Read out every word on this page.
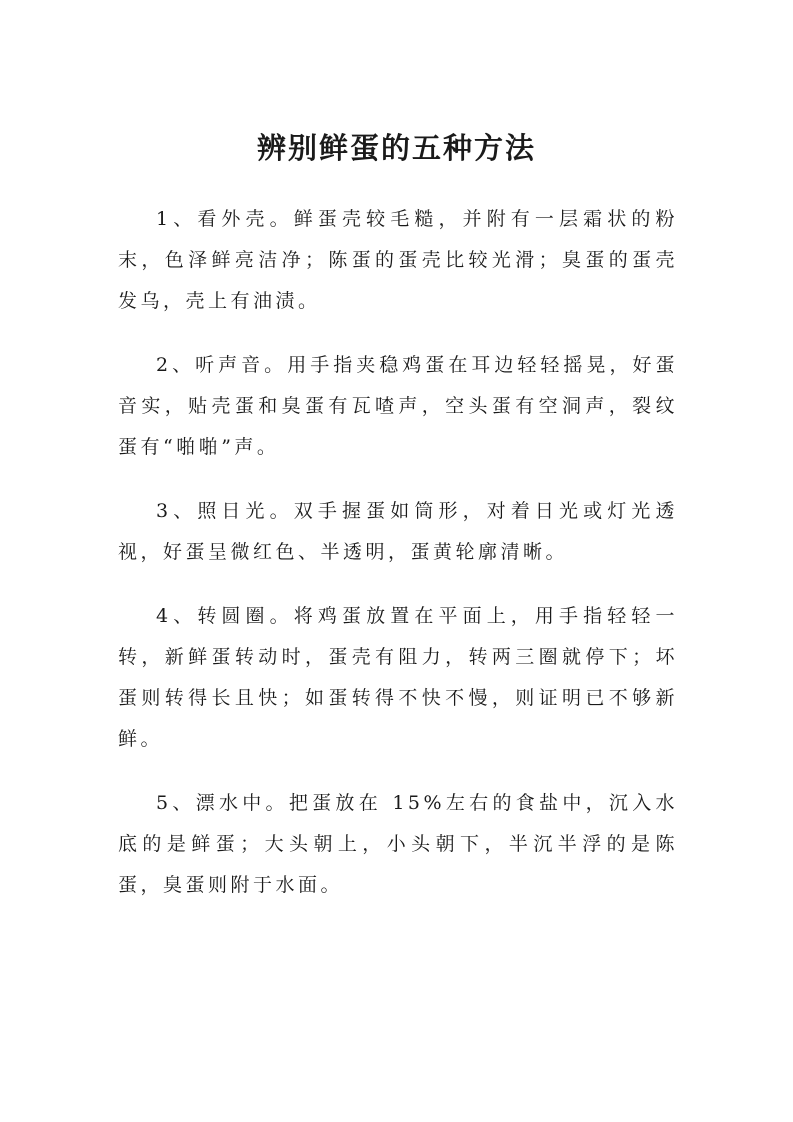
辨别鲜蛋的五种方法

1、看外壳。鲜蛋壳较毛糙，并附有一层霜状的粉末，色泽鲜亮洁净；陈蛋的蛋壳比较光滑；臭蛋的蛋壳发乌，壳上有油渍。

2、听声音。用手指夹稳鸡蛋在耳边轻轻摇晃，好蛋音实，贴壳蛋和臭蛋有瓦喳声，空头蛋有空洞声，裂纹蛋有“啪啪”声。

3、照日光。双手握蛋如筒形，对着日光或灯光透视，好蛋呈微红色、半透明，蛋黄轮廓清晰。

4、转圆圈。将鸡蛋放置在平面上，用手指轻轻一转，新鲜蛋转动时，蛋壳有阻力，转两三圈就停下；坏蛋则转得长且快；如蛋转得不快不慢，则证明已不够新鲜。

5、漂水中。把蛋放在 15%左右的食盐中，沉入水底的是鲜蛋；大头朝上，小头朝下，半沉半浮的是陈蛋，臭蛋则附于水面。
